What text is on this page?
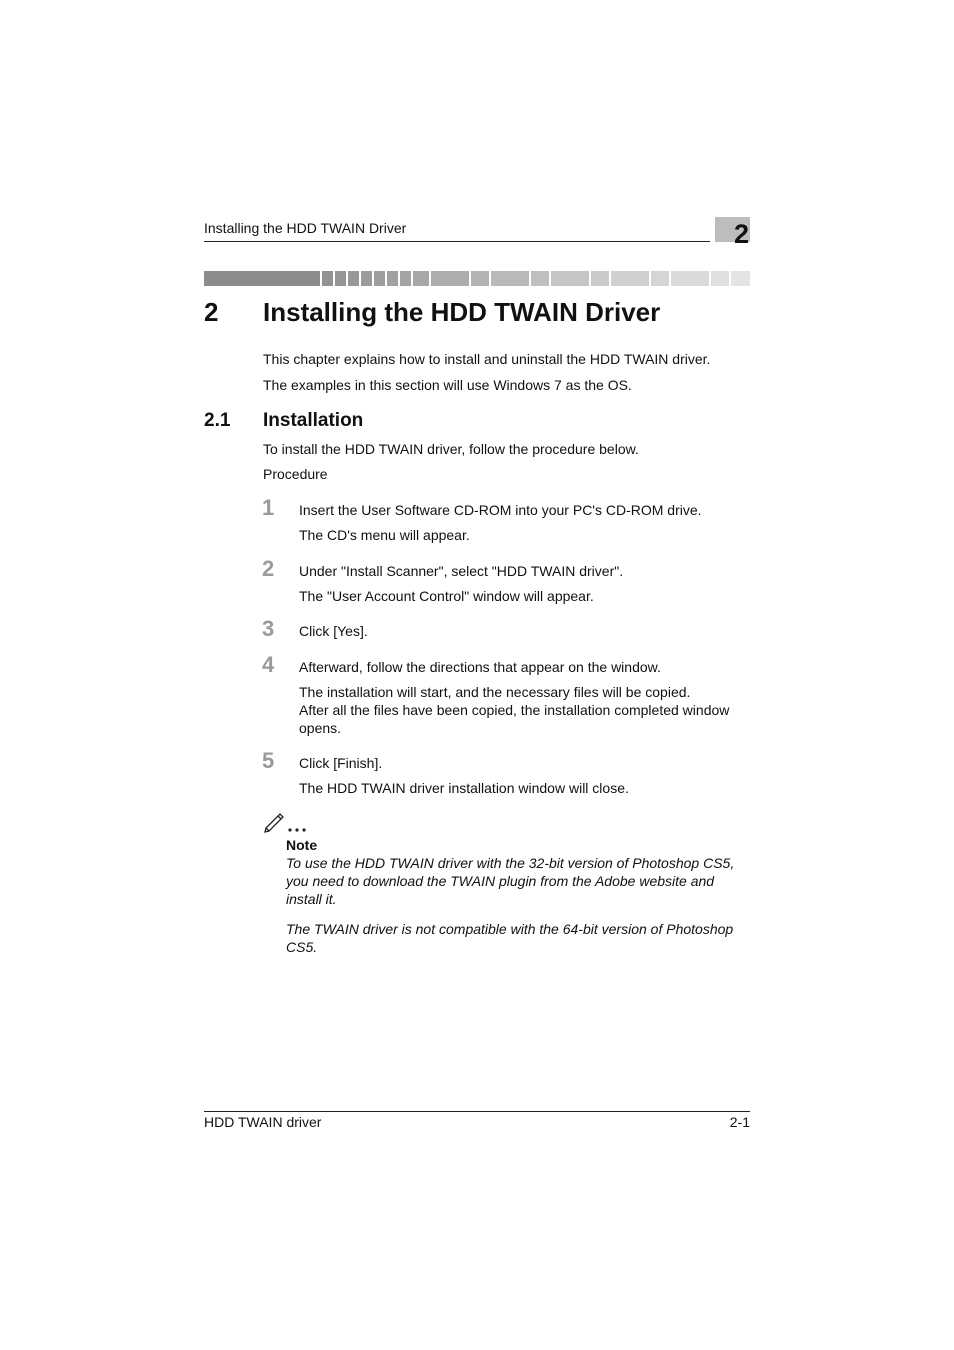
Installing the HDD TWAIN Driver	2
2 Installing the HDD TWAIN Driver
This chapter explains how to install and uninstall the HDD TWAIN driver.
The examples in this section will use Windows 7 as the OS.
2.1 Installation
To install the HDD TWAIN driver, follow the procedure below.
Procedure
1 Insert the User Software CD-ROM into your PC's CD-ROM drive.
The CD's menu will appear.
2 Under "Install Scanner", select "HDD TWAIN driver".
The "User Account Control" window will appear.
3 Click [Yes].
4 Afterward, follow the directions that appear on the window.
The installation will start, and the necessary files will be copied.
After all the files have been copied, the installation completed window opens.
5 Click [Finish].
The HDD TWAIN driver installation window will close.
Note
To use the HDD TWAIN driver with the 32-bit version of Photoshop CS5, you need to download the TWAIN plugin from the Adobe website and install it.
The TWAIN driver is not compatible with the 64-bit version of Photoshop CS5.
HDD TWAIN driver	2-1
